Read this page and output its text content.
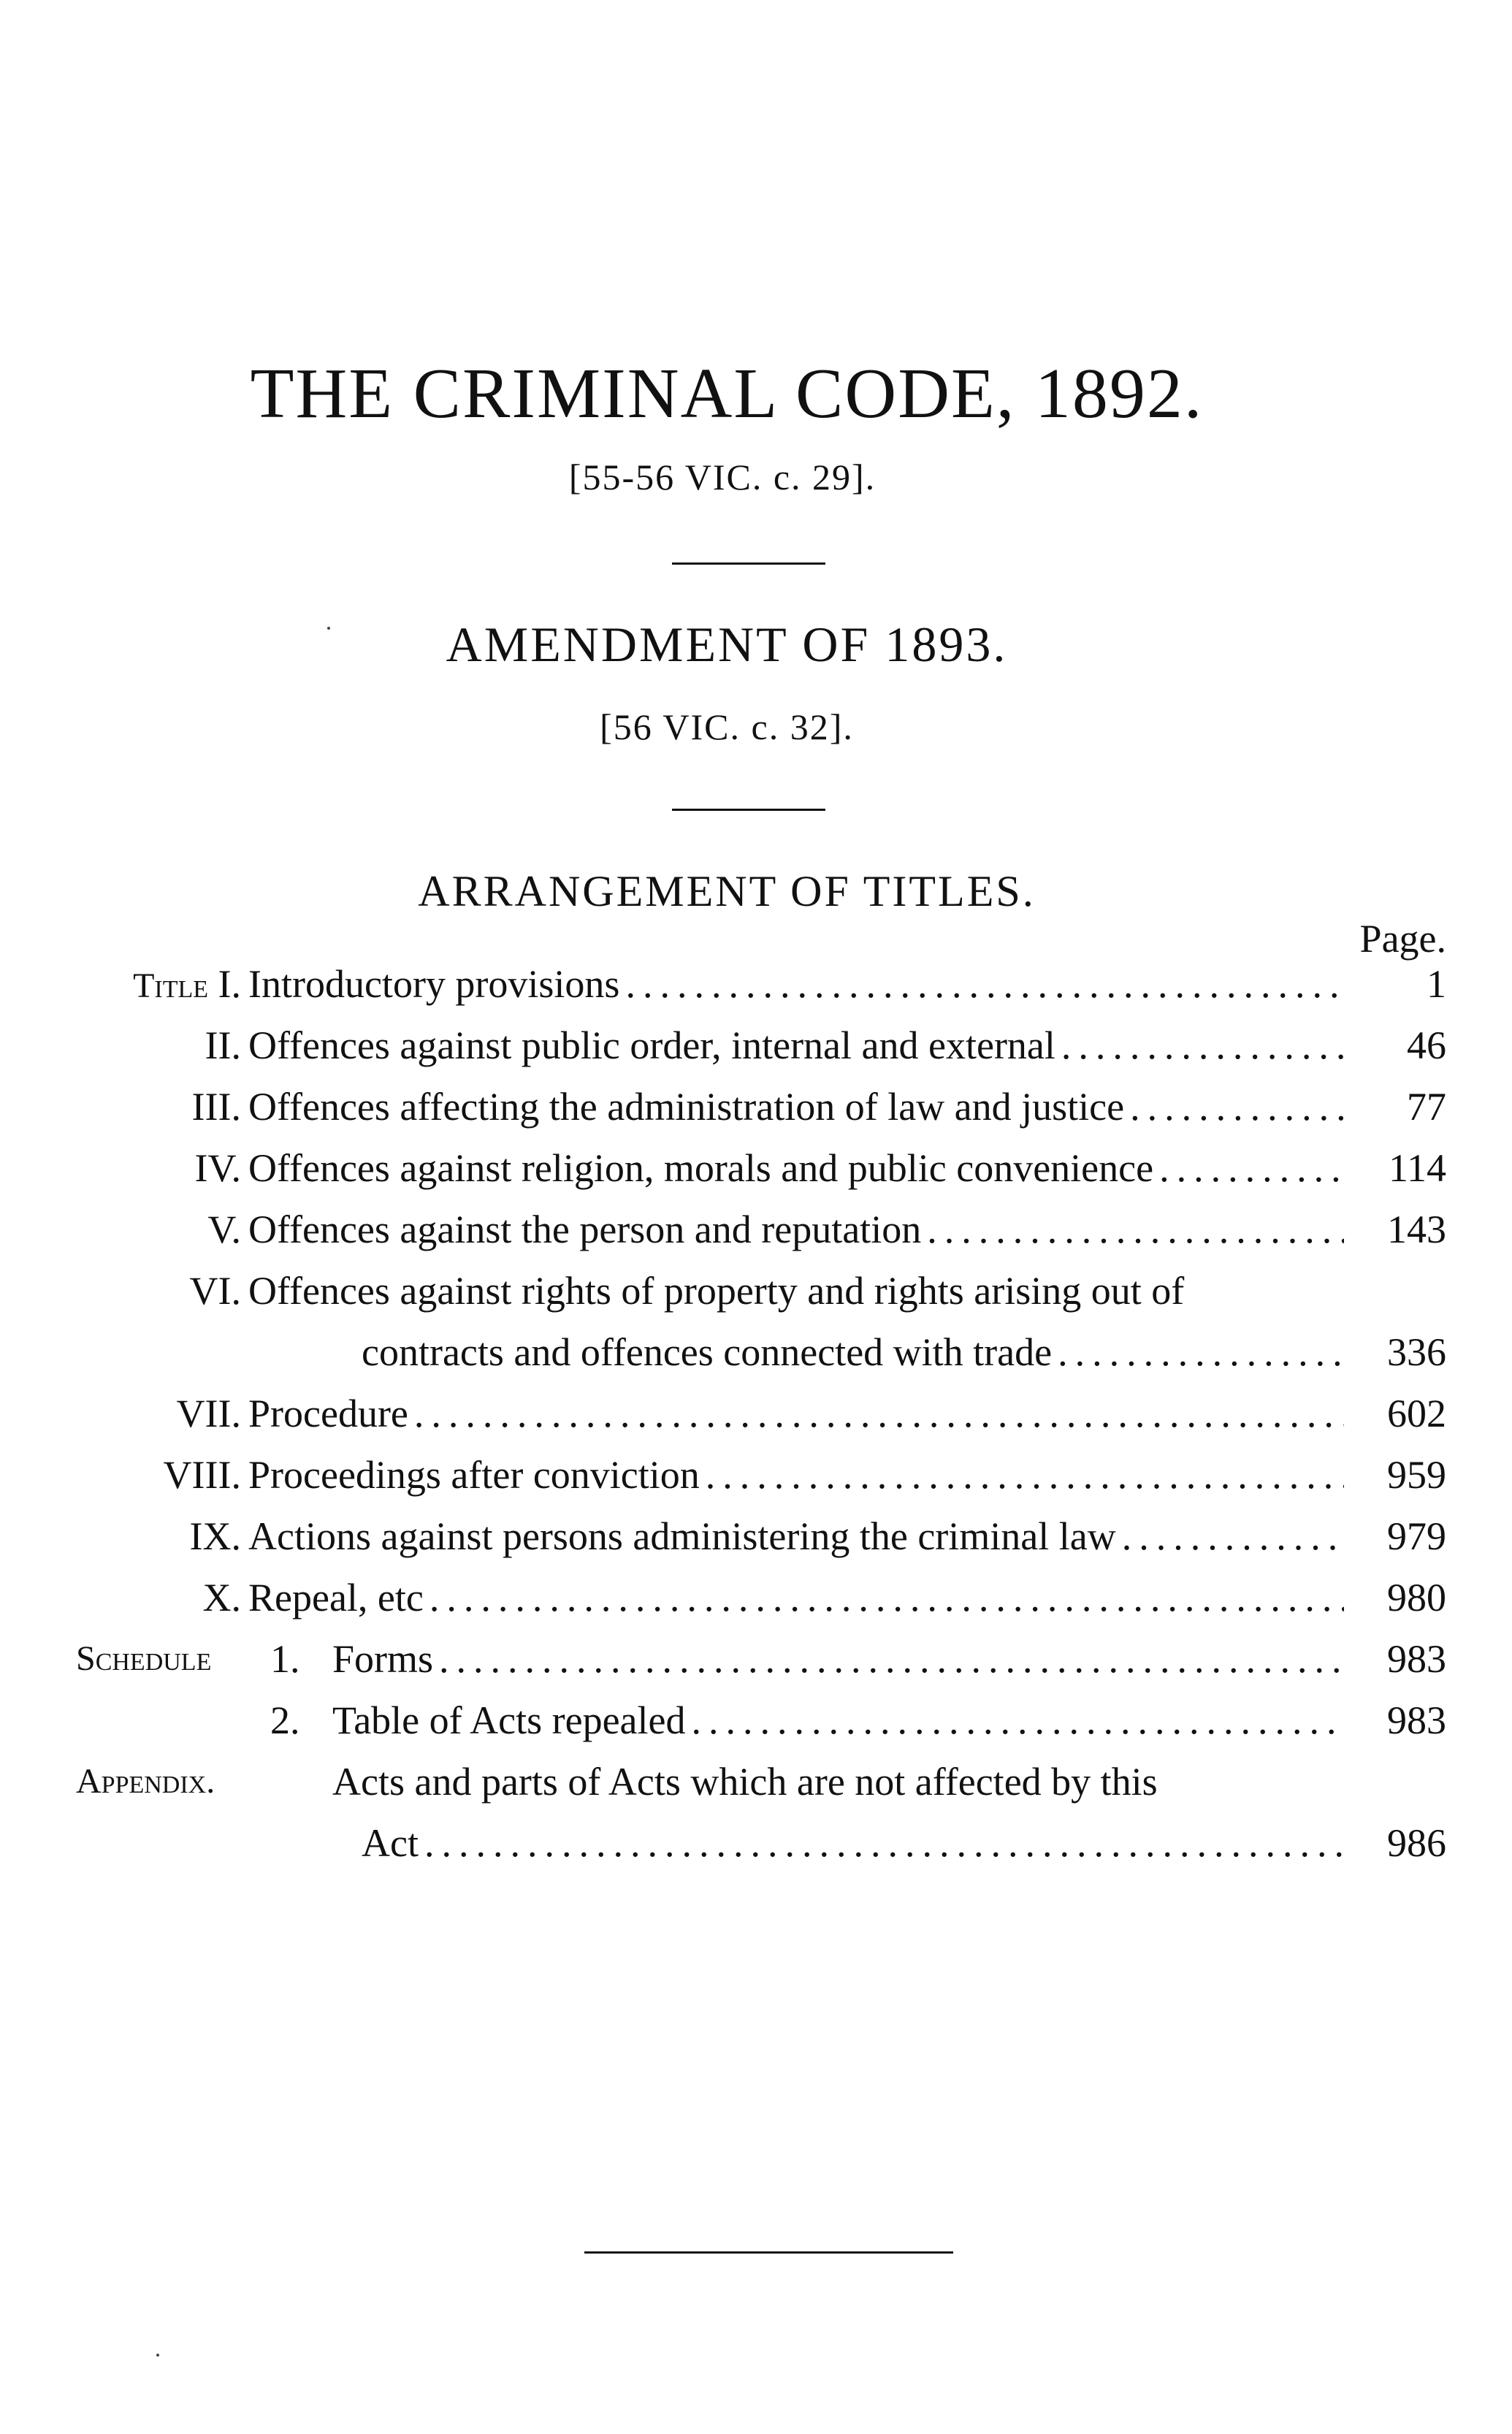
THE CRIMINAL CODE, 1892.
[55-56 VIC. c. 29].
AMENDMENT OF 1893.
[56 VIC. c. 32].
ARRANGEMENT OF TITLES.
Page.
Title I. Introductory provisions .....	1
II. Offences against public order, internal and external .....	46
III. Offences affecting the administration of law and justice .....	77
IV. Offences against religion, morals and public convenience .....	114
V. Offences against the person and reputation .....	143
VI. Offences against rights of property and rights arising out of
contracts and offences connected with trade .....	336
VII. Procedure .....	602
VIII. Proceedings after conviction .....	959
IX. Actions against persons administering the criminal law .....	979
X. Repeal, etc .....	980
Schedule 1. Forms .....	983
2. Table of Acts repealed .....	983
Appendix.	Acts and parts of Acts which are not affected by this
Act .....	986
